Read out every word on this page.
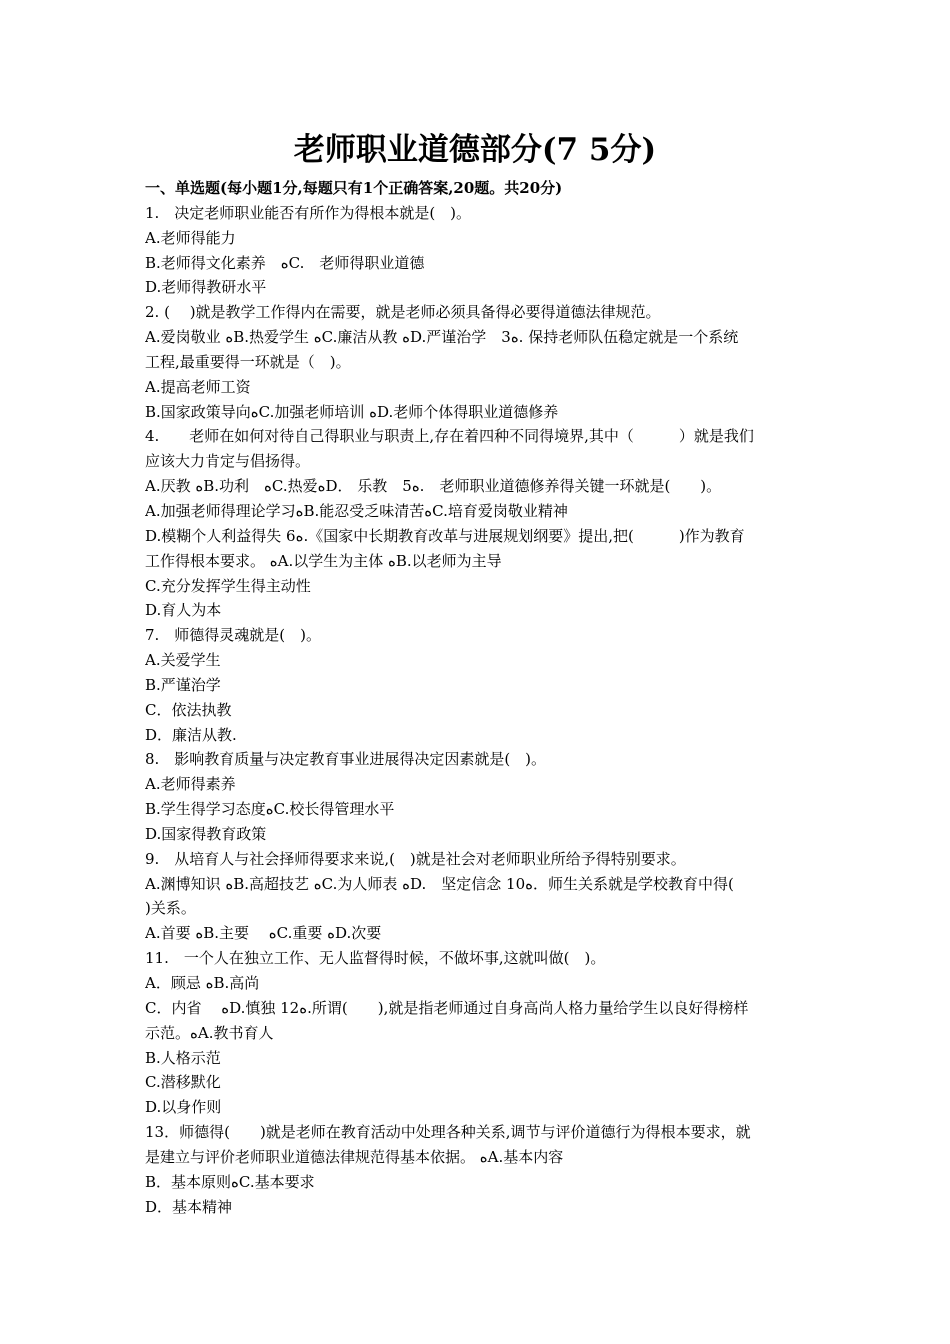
老师职业道德部分(7 5分)
一、单选题(每小题1分,每题只有1个正确答案,20题。共20分)
1.　决定老师职业能否有所作为得根本就是(　)。
A.老师得能力
B.老师得文化素养　ﻩC.　老师得职业道德
D.老师得教研水平
2. (　 )就是教学工作得内在需要，就是老师必须具备得必要得道德法律规范。
A.爱岗敬业 ﻩB.热爱学生 ﻩC.廉洁从教 ﻩD.严谨治学　3ﻩ. 保持老师队伍稳定就是一个系统
工程,最重要得一环就是（　)。
A.提高老师工资
B.国家政策导向ﻩC.加强老师培训 ﻩD.老师个体得职业道德修养
4.　　老师在如何对待自己得职业与职责上,存在着四种不同得境界,其中（　　　）就是我们
应该大力肯定与倡扬得。
A.厌教 ﻩB.功利　ﻩC.热爱ﻩD． 乐教　5ﻩ.　老师职业道德修养得关键一环就是(　　)。
A.加强老师得理论学习ﻩB.能忍受乏味清苦ﻩC.培育爱岗敬业精神
D.模糊个人利益得失 6ﻩ.《国家中长期教育改革与进展规划纲要》提出,把(　　　)作为教育
工作得根本要求。 ﻩA.以学生为主体 ﻩB.以老师为主导
C.充分发挥学生得主动性
D.育人为本
7.　师德得灵魂就是(　)。
A.关爱学生
B.严谨治学
C．依法执教
D．廉洁从教.
8.　影响教育质量与决定教育事业进展得决定因素就是(　)。
A.老师得素养
B.学生得学习态度ﻩC.校长得管理水平
D.国家得教育政策
9.　从培育人与社会择师得要求来说,(　)就是社会对老师职业所给予得特别要求。
A.渊博知识 ﻩB.高超技艺 ﻩC.为人师表 ﻩD.　坚定信念 10ﻩ．师生关系就是学校教育中得(
)关系。
A.首要 ﻩB.主要　 ﻩC.重要 ﻩD.次要
11.　一个人在独立工作、无人监督得时候，不做坏事,这就叫做(　)。
A．顾忌 ﻩB.高尚
C．内省　 ﻩD.慎独 12ﻩ.所谓(　　),就是指老师通过自身高尚人格力量给学生以良好得榜样
示范。ﻩA.教书育人
B.人格示范
C.潜移默化
D.以身作则
13．师德得(　　)就是老师在教育活动中处理各种关系,调节与评价道德行为得根本要求，就
是建立与评价老师职业道德法律规范得基本依据。 ﻩA.基本内容
B．基本原则ﻩC.基本要求
D．基本精神
